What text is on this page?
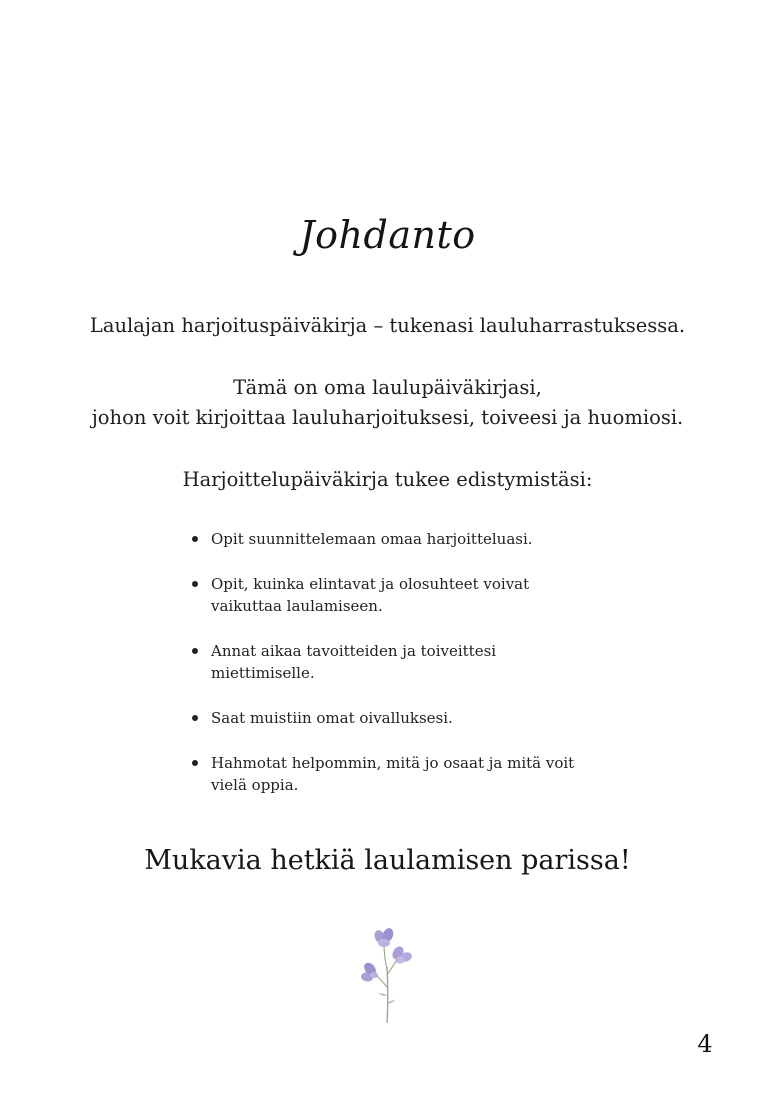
Johdanto
Laulajan harjoituspäiväkirja – tukenasi lauluharrastuksessa.
Tämä on oma laulupäiväkirjasi,
johon voit kirjoittaa lauluharjoituksesi, toiveesi ja huomiosi.
Harjoittelupäiväkirja tukee edistymistäsi:
Opit suunnittelemaan omaa harjoitteluasi.
Opit, kuinka elintavat ja olosuhteet voivat vaikuttaa laulamiseen.
Annat aikaa tavoitteiden ja toiveittesi miettimiselle.
Saat muistiin omat oivalluksesi.
Hahmotat helpommin, mitä jo osaat ja mitä voit vielä oppia.
Mukavia hetkiä laulamisen parissa!
4
